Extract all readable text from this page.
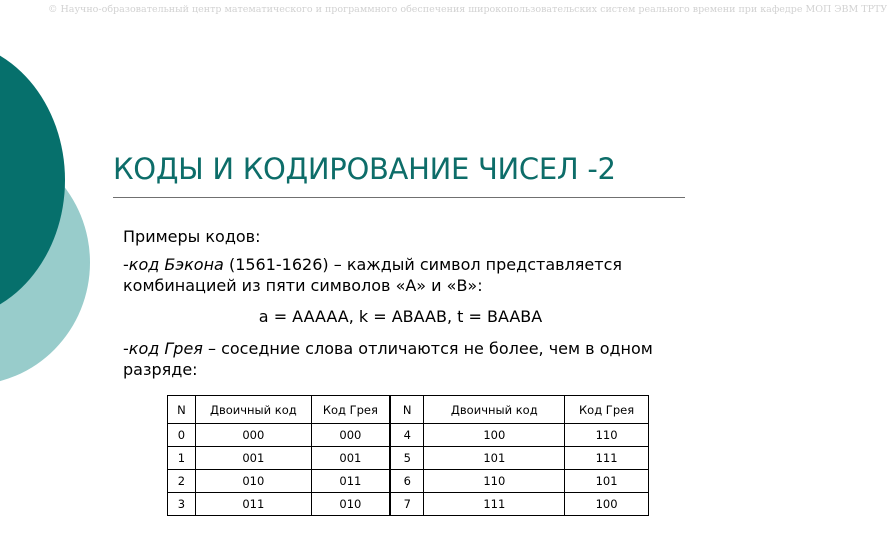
© Научно-образовательный центр математического и программного обеспечения широкопользовательских систем реального времени при кафедре МОП ЭВМ ТРТУ
КОДЫ И КОДИРОВАНИЕ ЧИСЕЛ -2

Примеры кодов:

-код Бэкона (1561-1626) – каждый символ представляется комбинацией из пяти символов «А» и «В»:

a = AAAAA, k = ABAAB, t = BAABA

-код Грея – соседние слова отличаются не более, чем в одном разряде:

N	Двоичный код	Код Грея	N	Двоичный код	Код Грея
0	000	000	4	100	110
1	001	001	5	101	111
2	010	011	6	110	101
3	011	010	7	111	100
